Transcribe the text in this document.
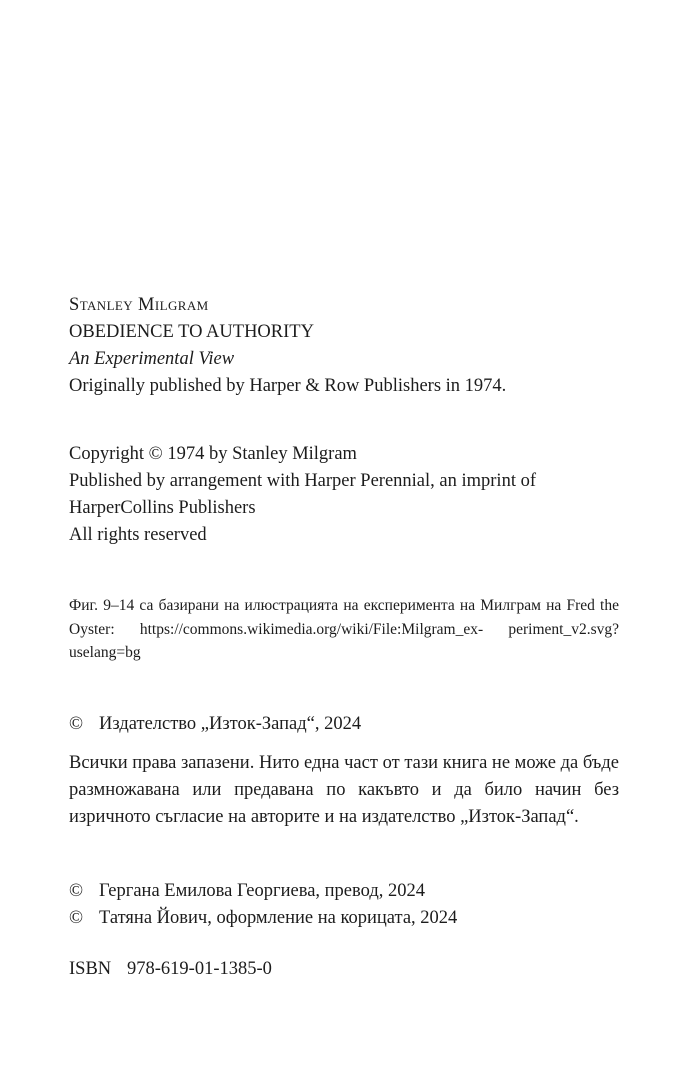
Stanley Milgram
OBEDIENCE TO AUTHORITY
An Experimental View
Originally published by Harper & Row Publishers in 1974.
Copyright © 1974 by Stanley Milgram
Published by arrangement with Harper Perennial, an imprint of
HarperCollins Publishers
All rights reserved
Фиг. 9–14 са базирани на илюстрацията на експеримента на Милграм на Fred the Oyster: https://commons.wikimedia.org/wiki/File:Milgram_ex- periment_v2.svg?uselang=bg
© Издателство „Изток-Запад“, 2024
Всички права запазени. Нито една част от тази книга не може да бъде размножавана или предавана по какъвто и да било начин без изричното съгласие на авторите и на издателство „Изток-Запад“.
© Гергана Емилова Георгиева, превод, 2024
© Татяна Йович, оформление на корицата, 2024
ISBN 978-619-01-1385-0
